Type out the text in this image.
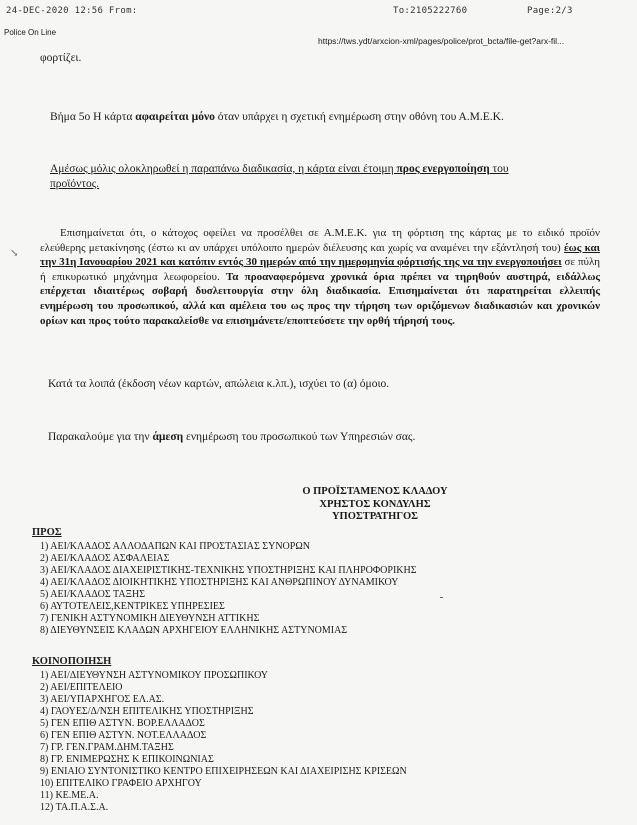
24-DEC-2020 12:56 From:	To:2105222760	Page:2/3
Police On Line
https://tws.ydt/arxcion-xml/pages/police/prot_bcta/file-get?arx-fil...
φορτίζει.
Βήμα 5ο Η κάρτα αφαιρείται μόνο όταν υπάρχει η σχετική ενημέρωση στην οθόνη του Α.Μ.Ε.Κ.
Αμέσως μόλις ολοκληρωθεί η παραπάνω διαδικασία, η κάρτα είναι έτοιμη προς ενεργοποίηση του
προϊόντος.
↘
Επισημαίνεται ότι, ο κάτοχος οφείλει να προσέλθει σε Α.Μ.Ε.Κ. για τη φόρτιση της κάρτας με το ειδικό προϊόν ελεύθερης μετακίνησης (έστω κι αν υπάρχει υπόλοιπο ημερών διέλευσης και χωρίς να αναμένει την εξάντλησή του) έως και την 31η Ιανουαρίου 2021 και κατόπιν εντός 30 ημερών από την ημερομηνία φόρτισής της να την ενεργοποιήσει σε πύλη ή επικυρωτικό μηχάνημα λεωφορείου. Τα προαναφερόμενα χρονικά όρια πρέπει να τηρηθούν αυστηρά, ειδάλλως επέρχεται ιδιαιτέρως σοβαρή δυσλειτουργία στην όλη διαδικασία. Επισημαίνεται ότι παρατηρείται ελλειπής ενημέρωση του προσωπικού, αλλά και αμέλεια του ως προς την τήρηση των οριζόμενων διαδικασιών και χρονικών ορίων και προς τούτο παρακαλείσθε να επισημάνετε/εποπτεύσετε την ορθή τήρησή τους.
Κατά τα λοιπά (έκδοση νέων καρτών, απώλεια κ.λπ.), ισχύει το (α) όμοιο.
Παρακαλούμε για την άμεση ενημέρωση του προσωπικού των Υπηρεσιών σας.
Ο ΠΡΟΪΣΤΑΜΕΝΟΣ ΚΛΑΔΟΥ
ΧΡΗΣΤΟΣ ΚΟΝΔΥΛΗΣ
ΥΠΟΣΤΡΑΤΗΓΟΣ
ΠΡΟΣ
1) ΑΕΙ/ΚΛΑΔΟΣ ΑΛΛΟΔΑΠΩΝ ΚΑΙ ΠΡΟΣΤΑΣΙΑΣ ΣΥΝΟΡΩΝ
2) ΑΕΙ/ΚΛΑΔΟΣ ΑΣΦΑΛΕΙΑΣ
3) ΑΕΙ/ΚΛΑΔΟΣ ΔΙΑΧΕΙΡΙΣΤΙΚΗΣ-ΤΕΧΝΙΚΗΣ ΥΠΟΣΤΗΡΙΞΗΣ ΚΑΙ ΠΛΗΡΟΦΟΡΙΚΗΣ
4) ΑΕΙ/ΚΛΑΔΟΣ ΔΙΟΙΚΗΤΙΚΗΣ ΥΠΟΣΤΗΡΙΞΗΣ ΚΑΙ ΑΝΘΡΩΠΙΝΟΥ ΔΥΝΑΜΙΚΟΥ
5) ΑΕΙ/ΚΛΑΔΟΣ ΤΑΞΗΣ
6) ΑΥΤΟΤΕΛΕΙΣ,ΚΕΝΤΡΙΚΕΣ ΥΠΗΡΕΣΙΕΣ
7) ΓΕΝΙΚΗ ΑΣΤΥΝΟΜΙΚΗ ΔΙΕΥΘΥΝΣΗ ΑΤΤΙΚΗΣ
8) ΔΙΕΥΘΥΝΣΕΙΣ ΚΛΑΔΩΝ ΑΡΧΗΓΕΙΟΥ ΕΛΛΗΝΙΚΗΣ ΑΣΤΥΝΟΜΙΑΣ
ΚΟΙΝΟΠΟΙΗΣΗ
1) ΑΕΙ/ΔΙΕΥΘΥΝΣΗ ΑΣΤΥΝΟΜΙΚΟΥ ΠΡΟΣΩΠΙΚΟΥ
2) ΑΕΙ/ΕΠΙΤΕΛΕΙΟ
3) ΑΕΙ/ΥΠΑΡΧΗΓΟΣ ΕΛ.ΑΣ.
4) ΓΑΟΥΕΣ/Δ/ΝΣΗ ΕΠΙΤΕΛΙΚΗΣ ΥΠΟΣΤΗΡΙΞΗΣ
5) ΓΕΝ ΕΠΙΘ ΑΣΤΥΝ. ΒΟΡ.ΕΛΛΑΔΟΣ
6) ΓΕΝ ΕΠΙΘ ΑΣΤΥΝ. ΝΟΤ.ΕΛΛΑΔΟΣ
7) ΓΡ. ΓΕΝ.ΓΡΑΜ.ΔΗΜ.ΤΑΞΗΣ
8) ΓΡ. ΕΝΙΜΕΡΩΣΗΣ Κ ΕΠΙΚΟΙΝΩΝΙΑΣ
9) ΕΝΙΑΙΟ ΣΥΝΤΟΝΙΣΤΙΚΟ ΚΕΝΤΡΟ ΕΠΙΧΕΙΡΗΣΕΩΝ ΚΑΙ ΔΙΑΧΕΙΡΙΣΗΣ ΚΡΙΣΕΩΝ
10) ΕΠΙΤΕΛΙΚΟ ΓΡΑΦΕΙΟ ΑΡΧΗΓΟΥ
11) ΚΕ.ΜΕ.Α.
12) ΤΑ.Π.Α.Σ.Α.
